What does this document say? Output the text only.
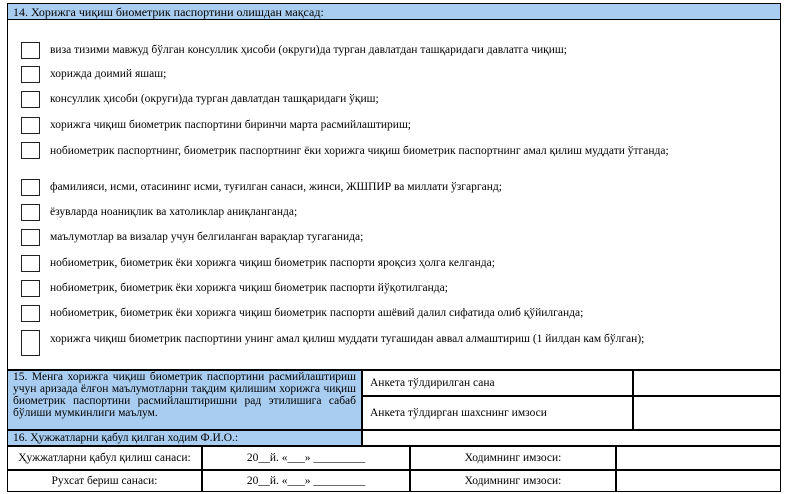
14. Хорижга чиқиш биометрик паспортини олишдан мақсад:
виза тизими мавжуд бўлган консуллик ҳисоби (округи)да турган давлатдан ташқаридаги давлатга чиқиш;
хорижда доимий яшаш;
консуллик ҳисоби (округи)да турган давлатдан ташқаридаги ўқиш;
хорижга чиқиш биометрик паспортини биринчи марта расмийлаштириш;
нобиометрик паспортнинг, биометрик паспортнинг ёки хорижга чиқиш биометрик паспортнинг амал қилиш муддати ўтганда;
фамилияси, исми, отасининг исми, туғилган санаси, жинси, ЖШПИР ва миллати ўзгарганд;
ёзувларда ноаниқлик ва хатоликлар аниқланганда;
маълумотлар ва визалар учун белгиланган варақлар тугаганида;
нобиометрик, биометрик ёки хорижга чиқиш биометрик паспорти яроқсиз ҳолга келганда;
нобиометрик, биометрик ёки хорижга чиқиш биометрик паспорти йўқотилганда;
нобиометрик, биометрик ёки хорижга чиқиш биометрик паспорти ашёвий далил сифатида олиб қўйилганда;
хорижга чиқиш биометрик паспортини унинг амал қилиш муддати тугашидан аввал алмаштириш (1 йилдан кам бўлган);
15. Менга хорижга чиқиш биометрик паспортини расмийлаштириш учун аризада ёлғон маълумотларни тақдим қилишим хорижга чиқиш биометрик паспортини расмийлаштиришни рад этилишига сабаб бўлиши мумкинлиги маълум.
Анкета тўлдирилган сана
Анкета тўлдирган шахснинг имзоси
16. Ҳужжатларни қабул қилган ходим Ф.И.О.:
Ҳужжатларни қабул қилиш санаси:	20__й. «___» _________	Ходимнинг имзоси:
Рухсат бериш санаси:	20__й. «___» _________	Ходимнинг имзоси:
